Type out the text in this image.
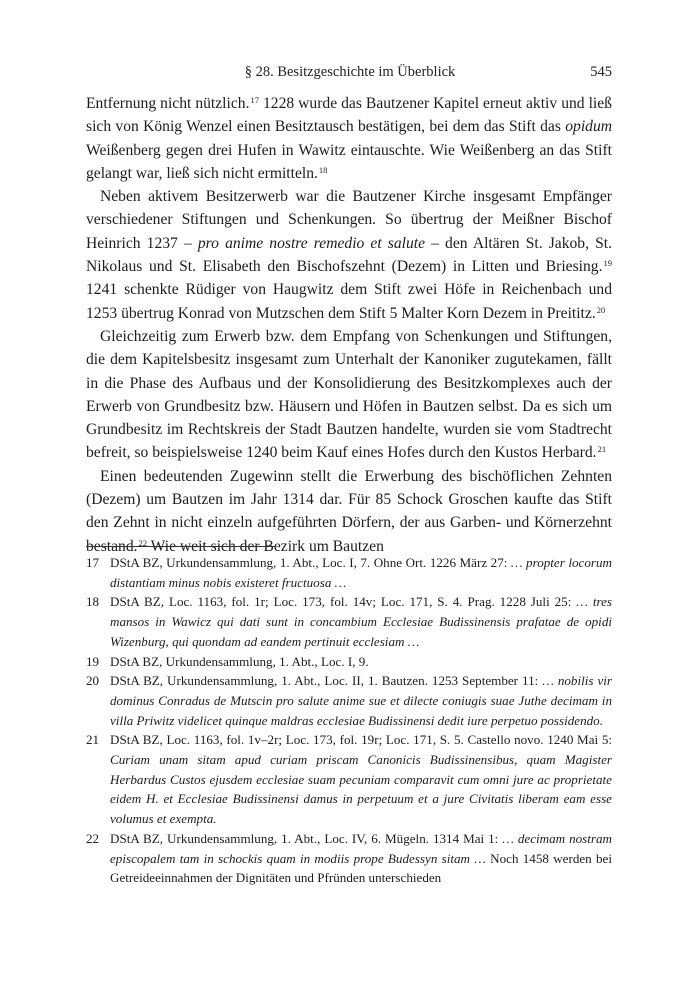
§ 28. Besitzgeschichte im Überblick	545

Entfernung nicht nützlich.$^{17}$ 1228 wurde das Bautzener Kapitel erneut aktiv und ließ sich von König Wenzel einen Besitztausch bestätigen, bei dem das Stift das opidum Weißenberg gegen drei Hufen in Wawitz eintauschte. Wie Weißenberg an das Stift gelangt war, ließ sich nicht ermitteln.$^{18}$

Neben aktivem Besitzerwerb war die Bautzener Kirche insgesamt Empfänger verschiedener Stiftungen und Schenkungen. So übertrug der Meißner Bischof Heinrich 1237 – pro anime nostre remedio et salute – den Altären St. Jakob, St. Nikolaus und St. Elisabeth den Bischofszehnt (Dezem) in Litten und Briesing.$^{19}$ 1241 schenkte Rüdiger von Haugwitz dem Stift zwei Höfe in Reichenbach und 1253 übertrug Konrad von Mutzschen dem Stift 5 Malter Korn Dezem in Preititz.$^{20}$

Gleichzeitig zum Erwerb bzw. dem Empfang von Schenkungen und Stiftungen, die dem Kapitelsbesitz insgesamt zum Unterhalt der Kanoniker zugutekamen, fällt in die Phase des Aufbaus und der Konsolidierung des Besitzkomplexes auch der Erwerb von Grundbesitz bzw. Häusern und Höfen in Bautzen selbst. Da es sich um Grundbesitz im Rechtskreis der Stadt Bautzen handelte, wurden sie vom Stadtrecht befreit, so beispielsweise 1240 beim Kauf eines Hofes durch den Kustos Herbard.$^{21}$

Einen bedeutenden Zugewinn stellt die Erwerbung des bischöflichen Zehnten (Dezem) um Bautzen im Jahr 1314 dar. Für 85 Schock Groschen kaufte das Stift den Zehnt in nicht einzeln aufgeführten Dörfern, der aus Garben- und Körnerzehnt bestand.$^{22}$ Wie weit sich der Bezirk um Bautzen

17 DStA BZ, Urkundensammlung, 1. Abt., Loc. I, 7. Ohne Ort. 1226 März 27: … propter locorum distantiam minus nobis existeret fructuosa …
18 DStA BZ, Loc. 1163, fol. 1r; Loc. 173, fol. 14v; Loc. 171, S. 4. Prag. 1228 Juli 25: … tres mansos in Wawicz qui dati sunt in concambium Ecclesiae Budissinensis prafatae de opidi Wizenburg, qui quondam ad eandem pertinuit ecclesiam …
19 DStA BZ, Urkundensammlung, 1. Abt., Loc. I, 9.
20 DStA BZ, Urkundensammlung, 1. Abt., Loc. II, 1. Bautzen. 1253 September 11: … nobilis vir dominus Conradus de Mutscin pro salute anime sue et dilecte coniugis suae Juthe decimam in villa Priwitz videlicet quinque maldras ecclesiae Budissinensi dedit iure perpetuo possidendo.
21 DStA BZ, Loc. 1163, fol. 1v–2r; Loc. 173, fol. 19r; Loc. 171, S. 5. Castello novo. 1240 Mai 5: Curiam unam sitam apud curiam priscam Canonicis Budissinensibus, quam Magister Herbardus Custos ejusdem ecclesiae suam pecuniam comparavit cum omni jure ac proprietate eidem H. et Ecclesiae Budissinensi damus in perpetuum et a jure Civitatis liberam eam esse volumus et exempta.
22 DStA BZ, Urkundensammlung, 1. Abt., Loc. IV, 6. Mügeln. 1314 Mai 1: … decimam nostram episcopalem tam in schockis quam in modiis prope Budessyn sitam … Noch 1458 werden bei Getreideeinnahmen der Dignitäten und Pfründen unterschieden
